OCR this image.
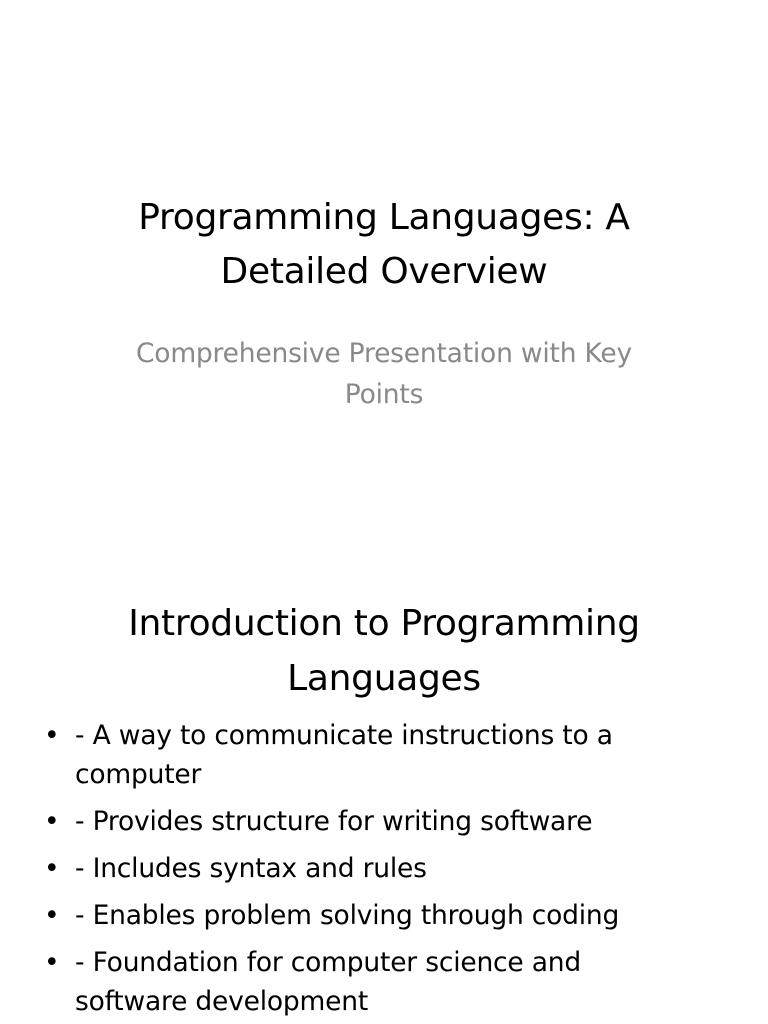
Programming Languages: A Detailed Overview

Comprehensive Presentation with Key Points

Introduction to Programming Languages
• - A way to communicate instructions to a computer
• - Provides structure for writing software
• - Includes syntax and rules
• - Enables problem solving through coding
• - Foundation for computer science and software development
